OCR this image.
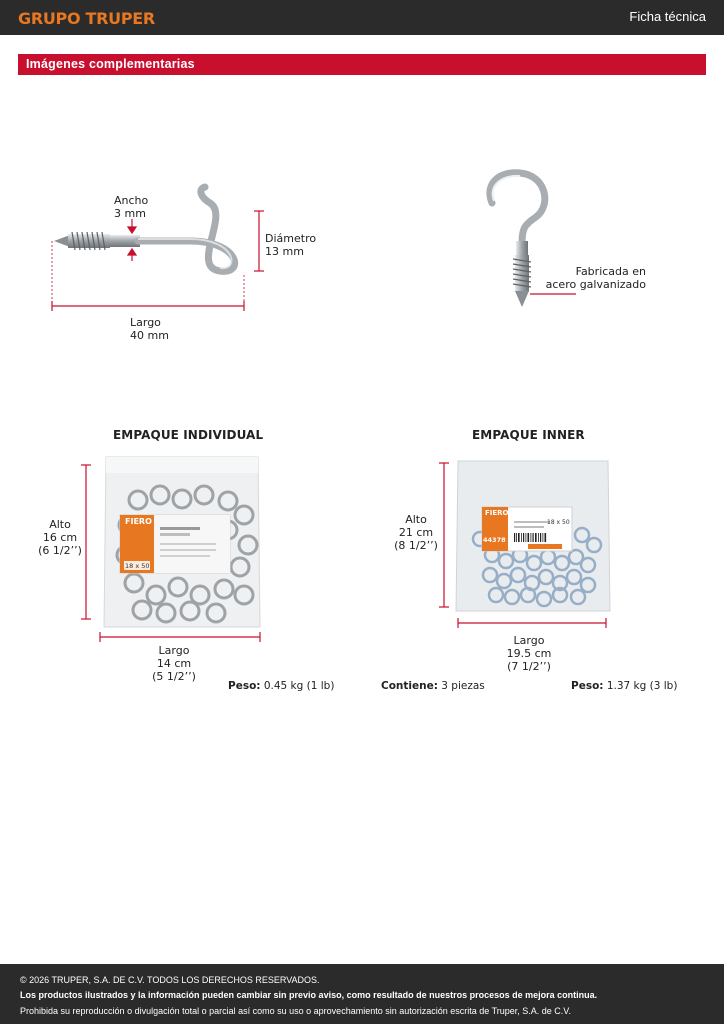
GRUPO TRUPER	Ficha técnica
Imágenes complementarias
Ancho
3 mm
Diámetro
13 mm
Largo
40 mm
Fabricada en
acero galvanizado
EMPAQUE INDIVIDUAL
FIERO
18 x 50
Alto
16 cm
(6 1/2’’)
Largo
14 cm
(5 1/2’’)
Peso: 0.45 kg (1 lb)
EMPAQUE INNER
FIERO
44378
18 x 50
Alto
21 cm
(8 1/2’’)
Largo
19.5 cm
(7 1/2’’)
Contiene: 3 piezas	Peso: 1.37 kg (3 lb)

© 2026 TRUPER, S.A. DE C.V. TODOS LOS DERECHOS RESERVADOS.

Los productos ilustrados y la información pueden cambiar sin previo aviso, como resultado de nuestros procesos de mejora continua.

Prohibida su reproducción o divulgación total o parcial así como su uso o aprovechamiento sin autorización escrita de Truper, S.A. de C.V.
